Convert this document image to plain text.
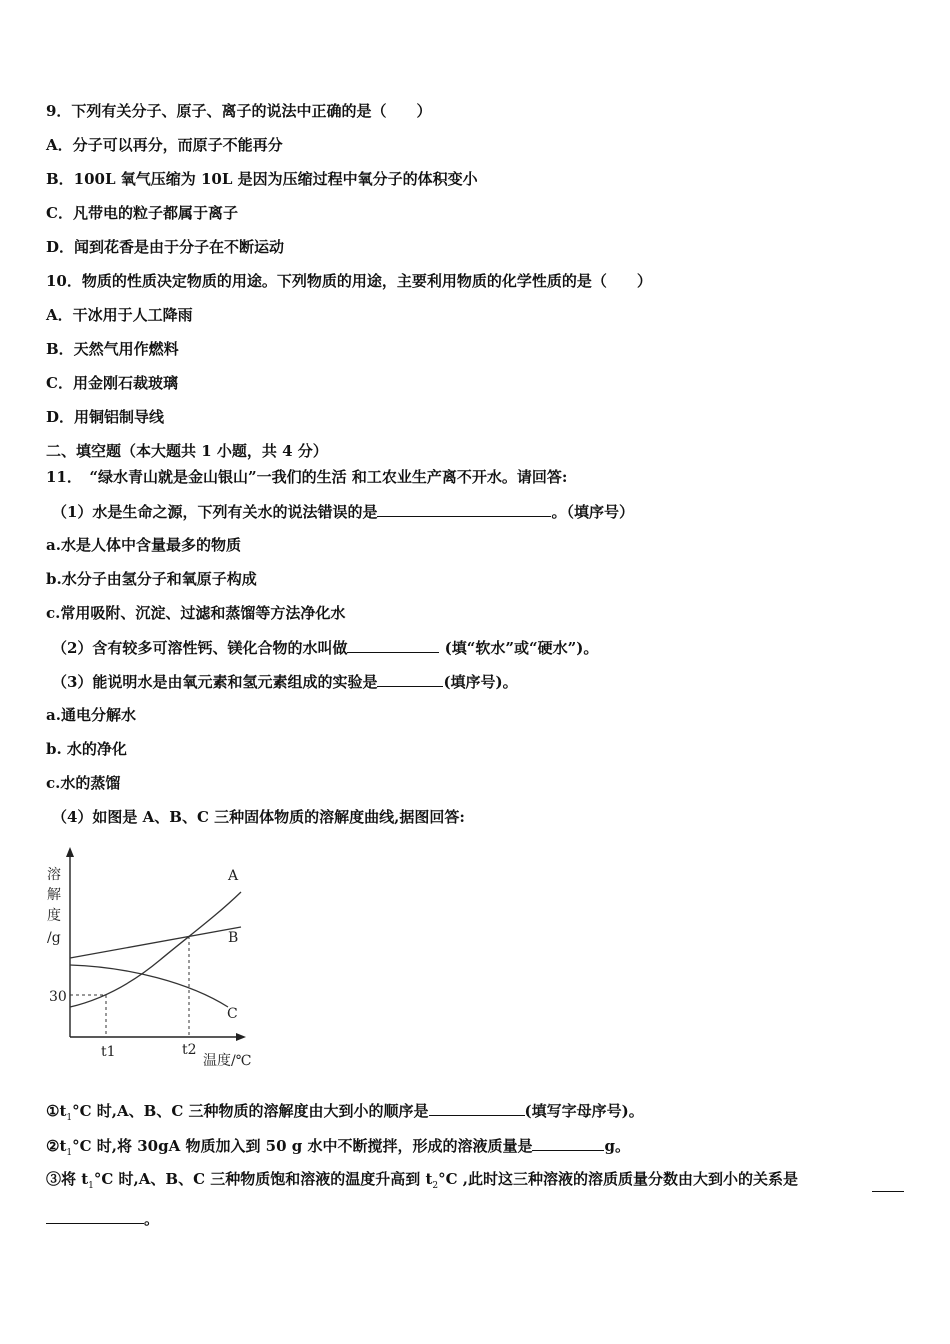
9．下列有关分子、原子、离子的说法中正确的是（　　）
A．分子可以再分，而原子不能再分
B．100L 氧气压缩为 10L 是因为压缩过程中氧分子的体积变小
C．凡带电的粒子都属于离子
D．闻到花香是由于分子在不断运动
10．物质的性质决定物质的用途。下列物质的用途，主要利用物质的化学性质的是（　　）
A．干冰用于人工降雨
B．天然气用作燃料
C．用金刚石裁玻璃
D．用铜铝制导线
二、填空题（本大题共 1 小题，共 4 分）
11．　“绿水青山就是金山银山”一我们的生活 和工农业生产离不开水。请回答:
（1）水是生命之源，下列有关水的说法错误的是	。（填序号）
a.水是人体中含量最多的物质
b.水分子由氢分子和氧原子构成
c.常用吸附、沉淀、过滤和蒸馏等方法净化水
（2）含有较多可溶性钙、镁化合物的水叫做	(填“软水”或“硬水”)。
（3）能说明水是由氧元素和氢元素组成的实验是	(填序号)。
a.通电分解水
b. 水的净化
c.水的蒸馏
（4）如图是 A、B、C 三种固体物质的溶解度曲线,据图回答:
溶
解
度
/g
30
t1	t2
温度/℃
A
B
C
$①t_1^\circ C$ 时,A、B、C 三种物质的溶解度由大到小的顺序是	(填写字母序号)。
$②t_1^\circ C$ 时,将 30gA 物质加入到 50 g 水中不断搅拌，形成的溶液质量是	g。
③将 $t_1^\circ C$ 时,A、B、C 三种物质饱和溶液的温度升高到 $t_2^\circ C$ ,此时这三种溶液的溶质质量分数由大到小的关系是
。
